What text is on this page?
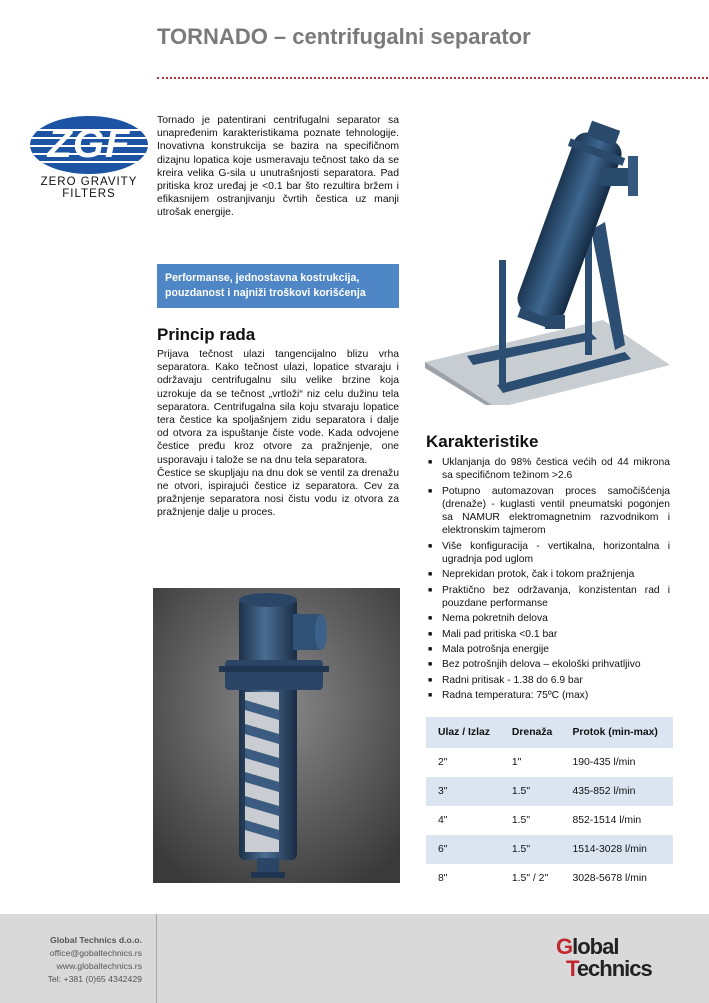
TORNADO – centrifugalni separator
ZGF
ZERO GRAVITY
FILTERS
Tornado je patentirani centrifugalni separator sa unapređenim karakteristikama poznate tehnologije. Inovativna konstrukcija se bazira na specifičnom dizajnu lopatica koje usmeravaju tečnost tako da se kreira velika G-sila u unutrašnjosti separatora. Pad pritiska kroz uređaj je <0.1 bar što rezultira bržem i efikasnijem ostranjivanju čvrtih čestica uz manji utrošak energije.
Performanse, jednostavna kostrukcija,
pouzdanost i najniži troškovi korišćenja
Princip rada
Prijava tečnost ulazi tangencijalno blizu vrha separatora. Kako tečnost ulazi, lopatice stvaraju i održavaju centrifugalnu silu velike brzine koja uzrokuje da se tečnost „vrtloži“ niz celu dužinu tela separatora. Centrifugalna sila koju stvaraju lopatice tera čestice ka spoljašnjem zidu separatora i dalje od otvora za ispuštanje čiste vode. Kada odvojene čestice pređu kroz otvore za pražnjenje, one usporavaju i talože se na dnu tela separatora.
Čestice se skupljaju na dnu dok se ventil za drenažu ne otvori, ispirajući čestice iz separatora. Cev za pražnjenje separatora nosi čistu vodu iz otvora za pražnjenje dalje u proces.
Karakteristike
■ Uklanjanja do 98% čestica većih od 44 mikrona sa specifičnom težinom >2.6
■ Potupno automazovan proces samočišćenja (drenaže) - kuglasti ventil pneumatski pogonjen sa NAMUR elektromagnetnim razvodnikom i elektronskim tajmerom
■ Više konfiguracija - vertikalna, horizontalna i ugradnja pod uglom
■ Neprekidan protok, čak i tokom pražnjenja
■ Praktično bez održavanja, konzistentan rad i pouzdane performanse
■ Nema pokretnih delova
■ Mali pad pritiska <0.1 bar
■ Mala potrošnja energije
■ Bez potrošnjih delova – ekološki prihvatljivo
■ Radni pritisak - 1.38 do 6.9 bar
■ Radna temperatura: 75ºC (max)
Ulaz / Izlaz	Drenaža	Protok (min-max)
2"	1"	190-435 l/min
3"	1.5"	435-852 l/min
4"	1.5"	852-1514 l/min
6"	1.5"	1514-3028 l/min
8"	1.5" / 2"	3028-5678 l/min
Global Technics d.o.o.
office@gobaltechnics.rs
www.globaltechnics.rs
Tel: +381 (0)65 4342429
Global
Technics
